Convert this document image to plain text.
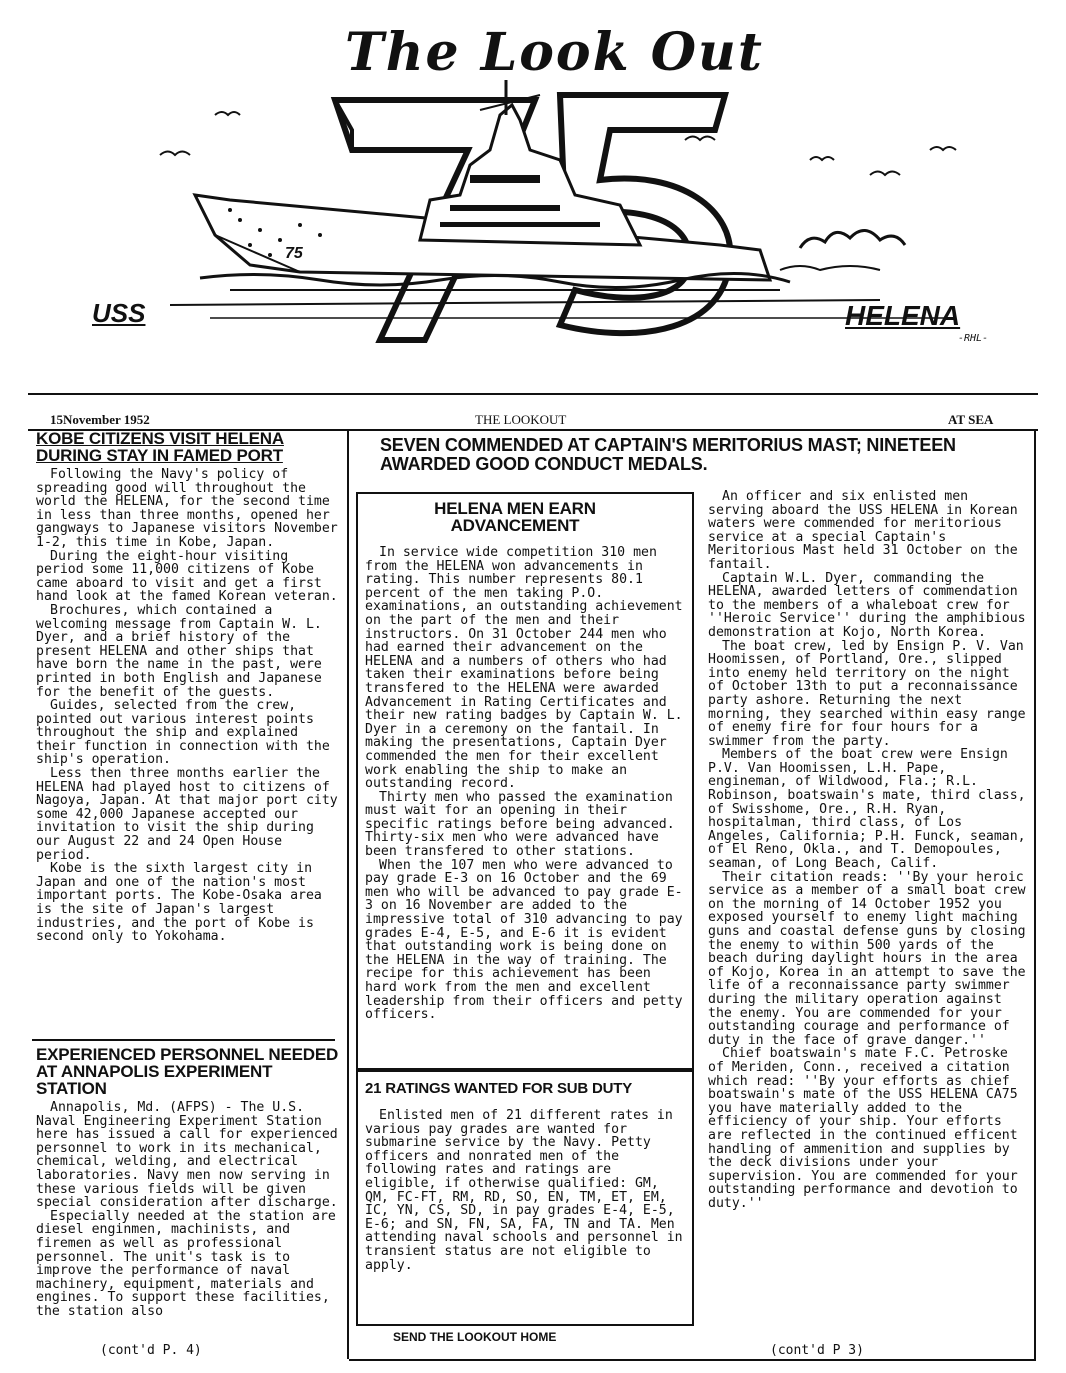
The Look Out
75
USS	HELENA
-RHL-
15November 1952	THE LOOKOUT	AT SEA
KOBE CITIZENS VISIT HELENA DURING STAY IN FAMED PORT

Following the Navy's policy of spreading good will throughout the world the HELENA, for the second time in less than three months, opened her gangways to Japanese visitors November 1-2, this time in Kobe, Japan.

During the eight-hour visiting period some 11,000 citizens of Kobe came aboard to visit and get a first hand look at the famed Korean veteran.

Brochures, which contained a welcoming message from Captain W. L. Dyer, and a brief history of the present HELENA and other ships that have born the name in the past, were printed in both English and Japanese for the benefit of the guests.

Guides, selected from the crew, pointed out various interest points throughout the ship and explained their function in connection with the ship's operation.

Less then three months earlier the HELENA had played host to citizens of Nagoya, Japan. At that major port city some 42,000 Japanese accepted our invitation to visit the ship during our August 22 and 24 Open House period.

Kobe is the sixth largest city in Japan and one of the nation's most important ports. The Kobe-Osaka area is the site of Japan's largest industries, and the port of Kobe is second only to Yokohama.

EXPERIENCED PERSONNEL NEEDED AT ANNAPOLIS EXPERIMENT STATION

Annapolis, Md. (AFPS) - The U.S. Naval Engineering Experiment Station here has issued a call for experienced personnel to work in its mechanical, chemical, welding, and electrical laboratories. Navy men now serving in these various fields will be given special consideration after discharge.

Especially needed at the station are diesel enginmen, machinists, and firemen as well as professional personnel. The unit's task is to improve the performance of naval machinery, equipment, materials and engines. To support these facilities, the station also

(cont'd P. 4)
SEVEN COMMENDED AT CAPTAIN'S MERITORIUS MAST; NINETEEN AWARDED GOOD CONDUCT MEDALS.
HELENA MEN EARN ADVANCEMENT

In service wide competition 310 men from the HELENA won advancements in rating. This number represents 80.1 percent of the men taking P.O. examinations, an outstanding achievement on the part of the men and their instructors. On 31 October 244 men who had earned their advancement on the HELENA and a numbers of others who had taken their examinations before being transfered to the HELENA were awarded Advancement in Rating Certificates and their new rating badges by Captain W. L. Dyer in a ceremony on the fantail. In making the presentations, Captain Dyer commended the men for their excellent work enabling the ship to make an outstanding record.

Thirty men who passed the examination must wait for an opening in their specific ratings before being advanced. Thirty-six men who were advanced have been transfered to other stations.

When the 107 men who were advanced to pay grade E-3 on 16 October and the 69 men who will be advanced to pay grade E-3 on 16 November are added to the impressive total of 310 advancing to pay grades E-4, E-5, and E-6 it is evident that outstanding work is being done on the HELENA in the way of training. The recipe for this achievement has been hard work from the men and excellent leadership from their officers and petty officers.

21 RATINGS WANTED FOR SUB DUTY

Enlisted men of 21 different rates in various pay grades are wanted for submarine service by the Navy. Petty officers and nonrated men of the following rates and ratings are eligible, if otherwise qualified: GM, QM, FC-FT, RM, RD, SO, EN, TM, ET, EM, IC, YN, CS, SD, in pay grades E-4, E-5, E-6; and SN, FN, SA, FA, TN and TA. Men attending naval schools and personnel in transient status are not eligible to apply.

SEND THE LOOKOUT HOME

An officer and six enlisted men serving aboard the USS HELENA in Korean waters were commended for meritorious service at a special Captain's Meritorious Mast held 31 October on the fantail.

Captain W.L. Dyer, commanding the HELENA, awarded letters of commendation to the members of a whaleboat crew for ''Heroic Service'' during the amphibious demonstration at Kojo, North Korea.

The boat crew, led by Ensign P. V. Van Hoomissen, of Portland, Ore., slipped into enemy held territory on the night of October 13th to put a reconnaissance party ashore. Returning the next morning, they searched within easy range of enemy fire for four hours for a swimmer from the party.

Members of the boat crew were Ensign P.V. Van Hoomissen, L.H. Pape, engineman, of Wildwood, Fla.; R.L. Robinson, boatswain's mate, third class, of Swisshome, Ore., R.H. Ryan, hospitalman, third class, of Los Angeles, California; P.H. Funck, seaman, of El Reno, Okla., and T. Demopoules, seaman, of Long Beach, Calif.

Their citation reads: ''By your heroic service as a member of a small boat crew on the morning of 14 October 1952 you exposed yourself to enemy light maching guns and coastal defense guns by closing the enemy to within 500 yards of the beach during daylight hours in the area of Kojo, Korea in an attempt to save the life of a reconnaissance party swimmer during the military operation against the enemy. You are commended for your outstanding courage and performance of duty in the face of grave danger.''

Chief boatswain's mate F.C. Petroske of Meriden, Conn., received a citation which read: ''By your efforts as chief boatswain's mate of the USS HELENA CA75 you have materially added to the efficiency of your ship. Your efforts are reflected in the continued efficent handling of ammenition and supplies by the deck divisions under your supervision. You are commended for your outstanding performance and devotion to duty.''

(cont'd P 3)
